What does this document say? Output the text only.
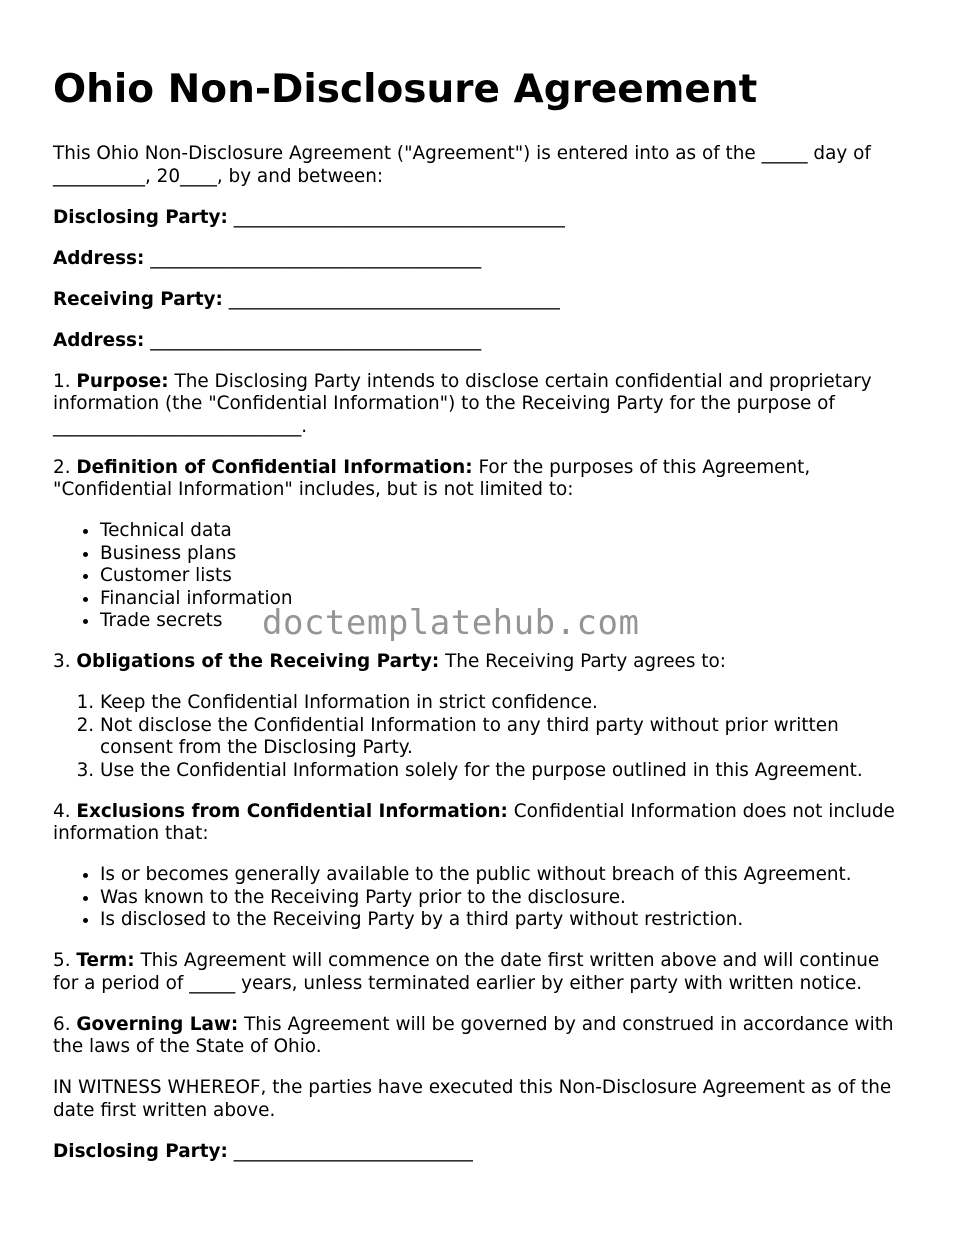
Ohio Non-Disclosure Agreement

This Ohio Non-Disclosure Agreement ("Agreement") is entered into as of the _____ day of __________, 20____, by and between:

Disclosing Party: ____________________________________

Address: ____________________________________

Receiving Party: ____________________________________

Address: ____________________________________

1. Purpose: The Disclosing Party intends to disclose certain confidential and proprietary information (the "Confidential Information") to the Receiving Party for the purpose of ___________________________.

2. Definition of Confidential Information: For the purposes of this Agreement, "Confidential Information" includes, but is not limited to:

• Technical data
• Business plans
• Customer lists
• Financial information
• Trade secrets

3. Obligations of the Receiving Party: The Receiving Party agrees to:

1. Keep the Confidential Information in strict confidence.
2. Not disclose the Confidential Information to any third party without prior written consent from the Disclosing Party.
3. Use the Confidential Information solely for the purpose outlined in this Agreement.

4. Exclusions from Confidential Information: Confidential Information does not include information that:

• Is or becomes generally available to the public without breach of this Agreement.
• Was known to the Receiving Party prior to the disclosure.
• Is disclosed to the Receiving Party by a third party without restriction.

5. Term: This Agreement will commence on the date first written above and will continue for a period of _____ years, unless terminated earlier by either party with written notice.

6. Governing Law: This Agreement will be governed by and construed in accordance with the laws of the State of Ohio.

IN WITNESS WHEREOF, the parties have executed this Non-Disclosure Agreement as of the date first written above.

Disclosing Party: __________________________

doctemplatehub.com
